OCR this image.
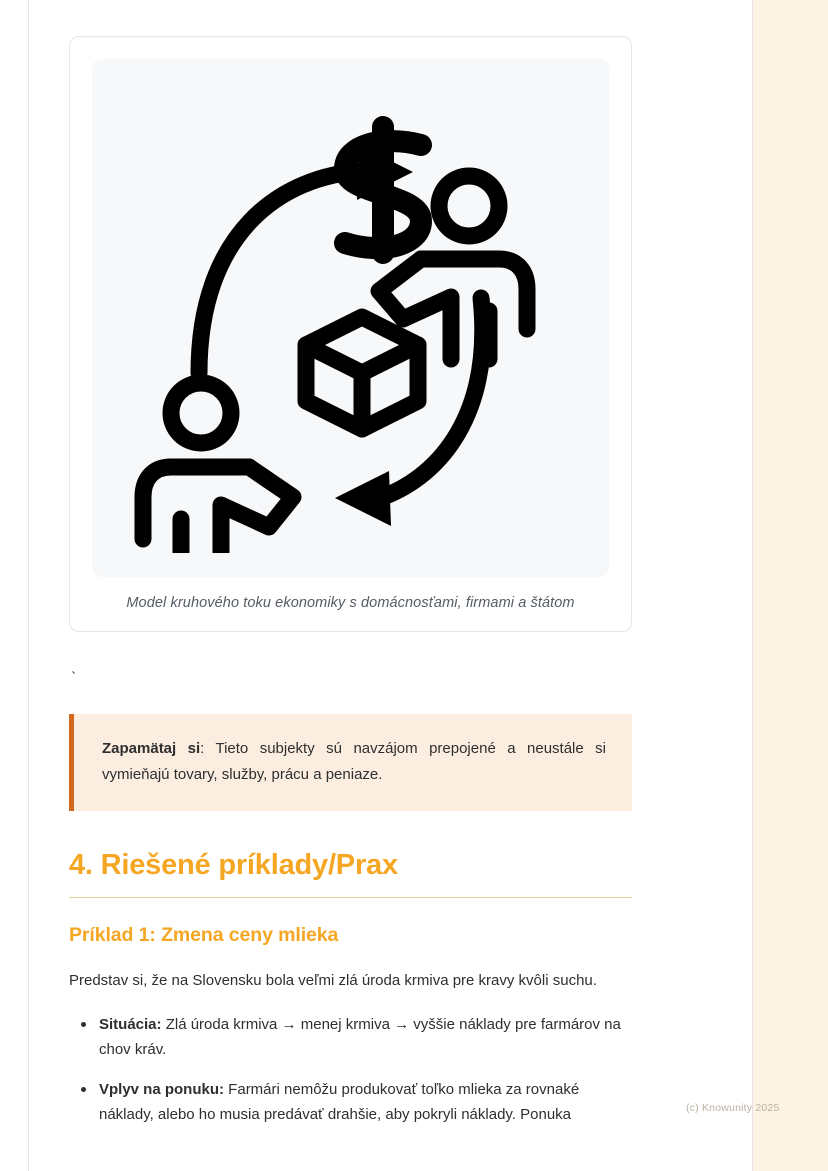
Model kruhového toku ekonomiky s domácnosťami, firmami a štátom
`
Zapamätaj si: Tieto subjekty sú navzájom prepojené a neustále si vymieňajú tovary, služby, prácu a peniaze.
4. Riešené príklady/Prax
Príklad 1: Zmena ceny mlieka

Predstav si, že na Slovensku bola veľmi zlá úroda krmiva pre kravy kvôli suchu.

Situácia: Zlá úroda krmiva → menej krmiva → vyššie náklady pre farmárov na chov kráv.
Vplyv na ponuku: Farmári nemôžu produkovať toľko mlieka za rovnaké náklady, alebo ho musia predávať drahšie, aby pokryli náklady. Ponuka	(c) Knowunity 2025
